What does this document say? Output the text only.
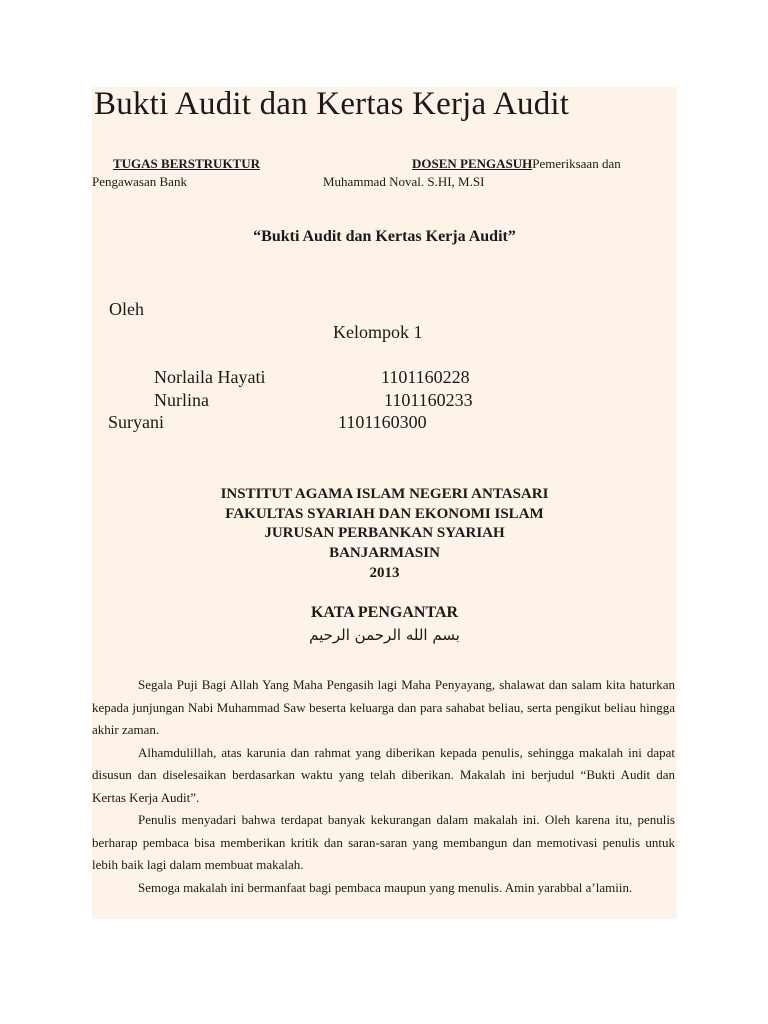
Bukti Audit dan Kertas Kerja Audit
TUGAS BERSTRUKTUR	DOSEN PENGASUHPemeriksaan dan
Pengawasan Bank	Muhammad Noval. S.HI, M.SI
“Bukti Audit dan Kertas Kerja Audit”
Oleh
Kelompok 1
Norlaila Hayati	1101160228
Nurlina	1101160233
Suryani	1101160300
INSTITUT AGAMA ISLAM NEGERI ANTASARI
FAKULTAS SYARIAH DAN EKONOMI ISLAM
JURUSAN PERBANKAN SYARIAH
BANJARMASIN
2013
KATA PENGANTAR
بسم الله الرحمن الرحيم

Segala Puji Bagi Allah Yang Maha Pengasih lagi Maha Penyayang, shalawat dan salam kita haturkan kepada junjungan Nabi Muhammad Saw beserta keluarga dan para sahabat beliau, serta pengikut beliau hingga akhir zaman.

Alhamdulillah, atas karunia dan rahmat yang diberikan kepada penulis, sehingga makalah ini dapat disusun dan diselesaikan berdasarkan waktu yang telah diberikan. Makalah ini berjudul “Bukti Audit dan Kertas Kerja Audit”.

Penulis menyadari bahwa terdapat banyak kekurangan dalam makalah ini. Oleh karena itu, penulis berharap pembaca bisa memberikan kritik dan saran-saran yang membangun dan memotivasi penulis untuk lebih baik lagi dalam membuat makalah.

Semoga makalah ini bermanfaat bagi pembaca maupun yang menulis. Amin yarabbal a’lamiin.
